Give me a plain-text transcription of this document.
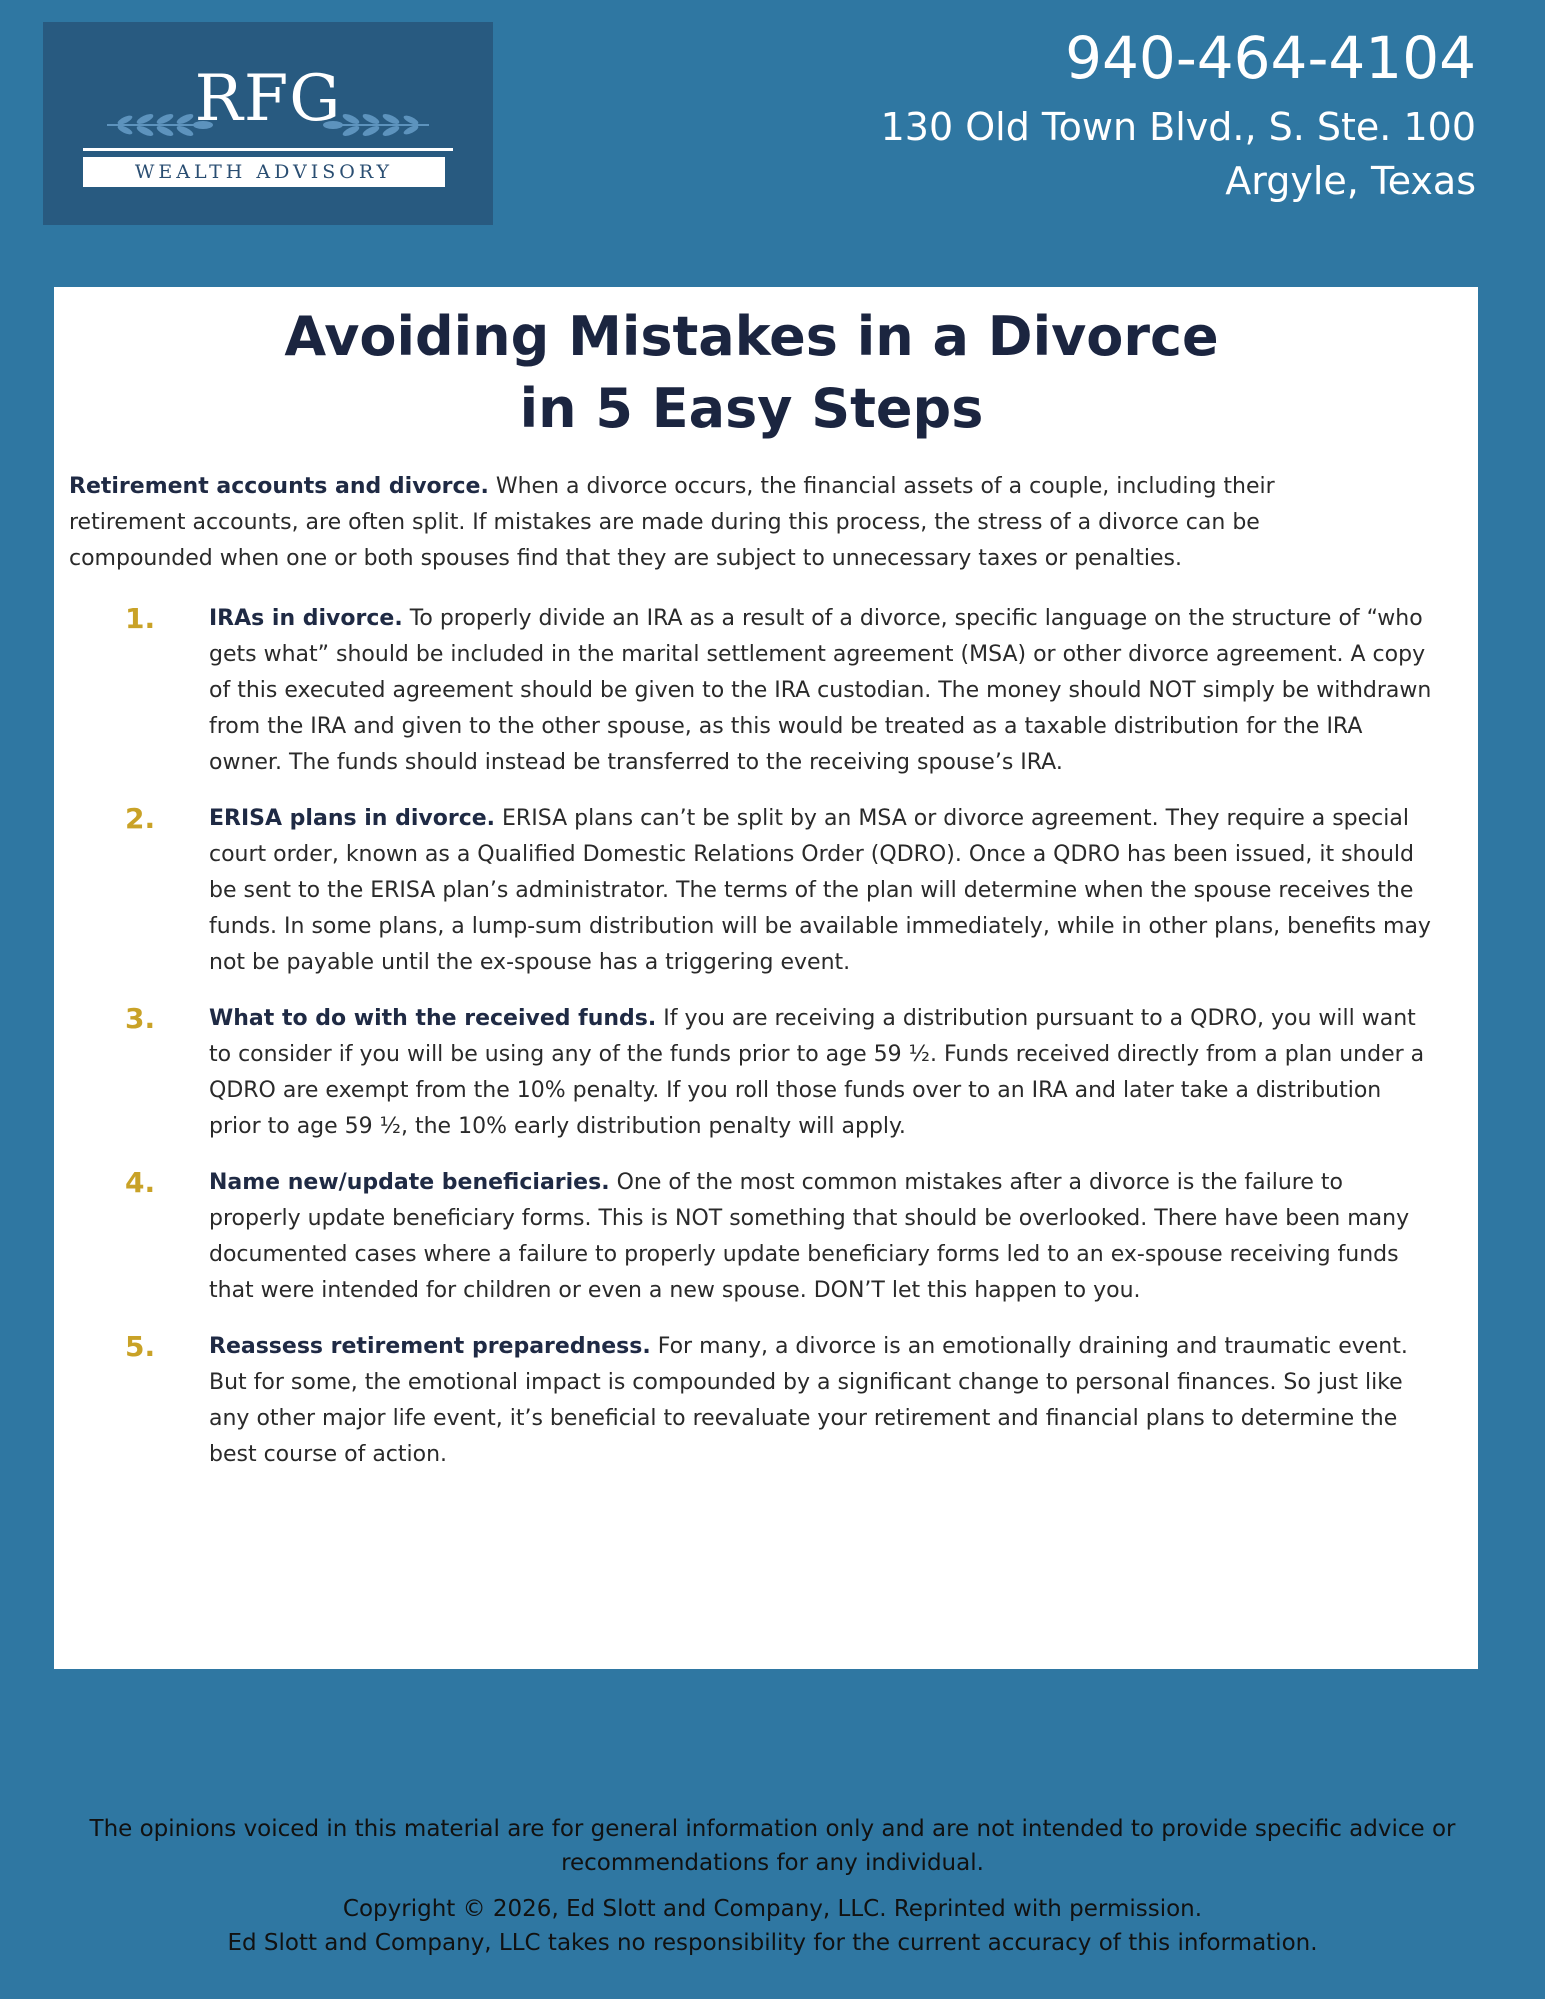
RFG
WEALTH ADVISORY
940-464-4104
130 Old Town Blvd., S. Ste. 100
Argyle, Texas
Avoiding Mistakes in a Divorce
in 5 Easy Steps

Retirement accounts and divorce. When a divorce occurs, the financial assets of a couple, including their retirement accounts, are often split. If mistakes are made during this process, the stress of a divorce can be compounded when one or both spouses find that they are subject to unnecessary taxes or penalties.

1.	IRAs in divorce. To properly divide an IRA as a result of a divorce, specific language on the structure of “who gets what” should be included in the marital settlement agreement (MSA) or other divorce agreement. A copy of this executed agreement should be given to the IRA custodian. The money should NOT simply be withdrawn from the IRA and given to the other spouse, as this would be treated as a taxable distribution for the IRA owner. The funds should instead be transferred to the receiving spouse’s IRA.
2.	ERISA plans in divorce. ERISA plans can’t be split by an MSA or divorce agreement. They require a special court order, known as a Qualified Domestic Relations Order (QDRO). Once a QDRO has been issued, it should be sent to the ERISA plan’s administrator. The terms of the plan will determine when the spouse receives the funds. In some plans, a lump-sum distribution will be available immediately, while in other plans, benefits may not be payable until the ex-spouse has a triggering event.
3.	What to do with the received funds. If you are receiving a distribution pursuant to a QDRO, you will want to consider if you will be using any of the funds prior to age 59 ½. Funds received directly from a plan under a QDRO are exempt from the 10% penalty. If you roll those funds over to an IRA and later take a distribution prior to age 59 ½, the 10% early distribution penalty will apply.
4.	Name new/update beneficiaries. One of the most common mistakes after a divorce is the failure to properly update beneficiary forms. This is NOT something that should be overlooked. There have been many documented cases where a failure to properly update beneficiary forms led to an ex-spouse receiving funds that were intended for children or even a new spouse. DON’T let this happen to you.
5.	Reassess retirement preparedness. For many, a divorce is an emotionally draining and traumatic event. But for some, the emotional impact is compounded by a significant change to personal finances. So just like any other major life event, it’s beneficial to reevaluate your retirement and financial plans to determine the best course of action.

The opinions voiced in this material are for general information only and are not intended to provide specific advice or recommendations for any individual.

Copyright © 2026, Ed Slott and Company, LLC. Reprinted with permission.

Ed Slott and Company, LLC takes no responsibility for the current accuracy of this information.
